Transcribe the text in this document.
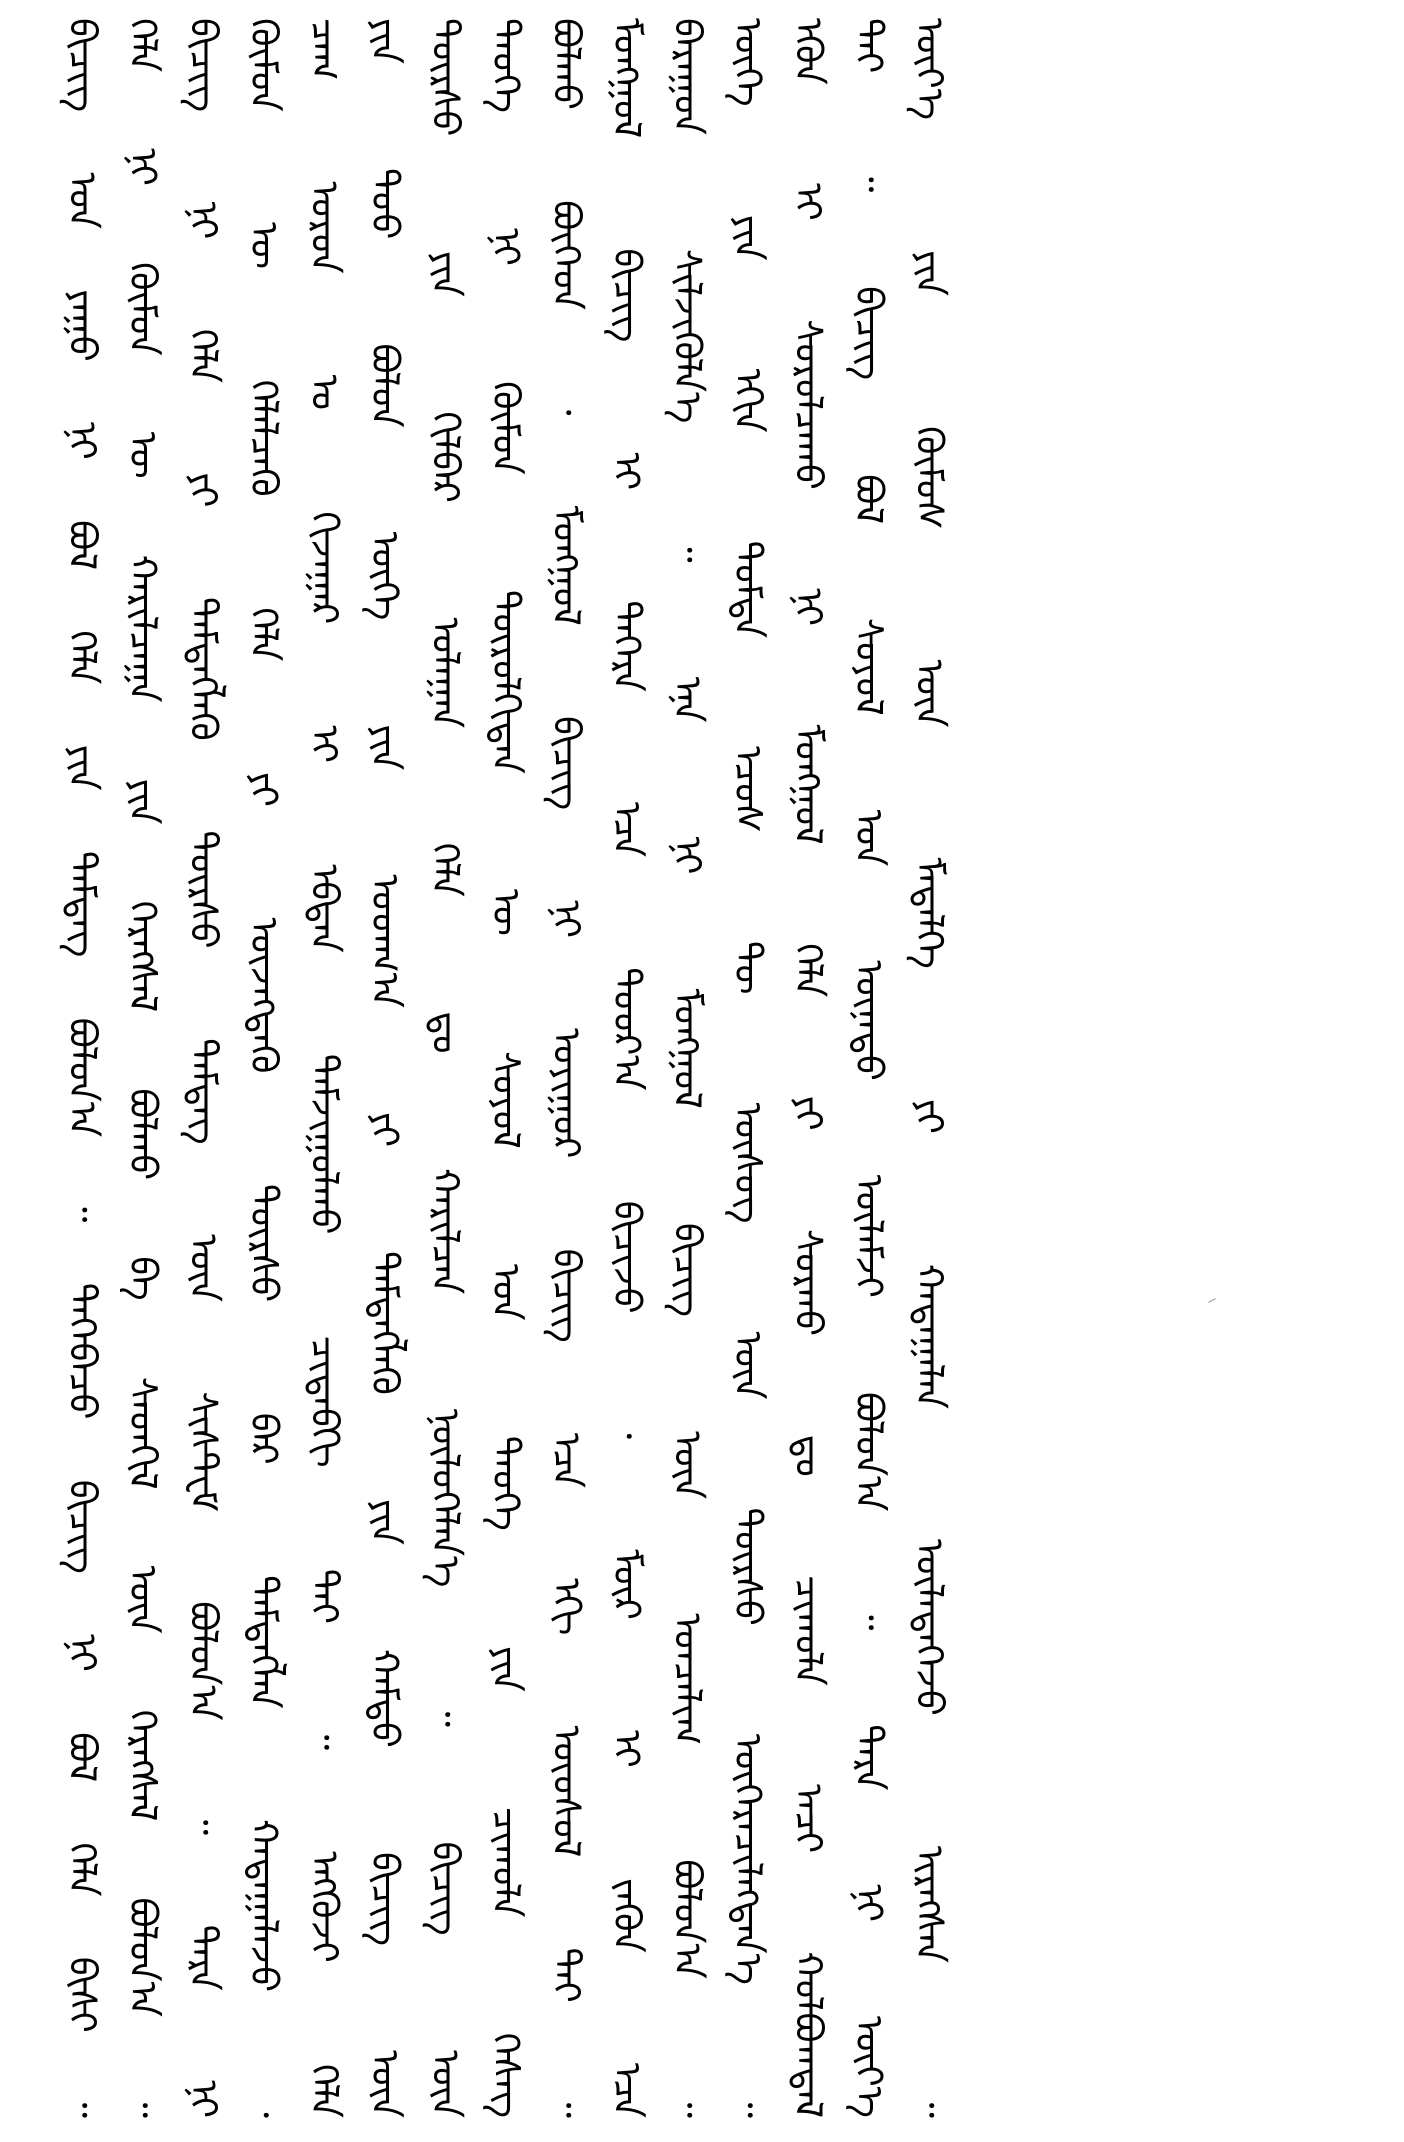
ᠪᠢᠴᠢᠭ᠌ ᠤᠨ ᠶᠠᠭᠤ ᠨᠢ ᠪᠣᠯ ᠬᠡᠯᠡ ᠶᠢᠨ ᠲᠡᠮᠳᠡᠭ᠌ ᠪᠣᠯᠤᠨ᠎ᠠ ᠃ ᠲᠡᠭᠡᠪᠡᠴᠦ ᠪᠢᠴᠢᠭ᠌ ᠨᠢ ᠪᠣᠯ ᠬᠡᠯᠡ ᠪᠢᠰᠢ ᠃ ᠬᠡᠯᠡ ᠨᠢ ᠬᠦᠮᠦᠨ ᠦ ᠬᠠᠷᠢᠯᠴᠠᠭᠠ ᠶᠢᠨ ᠬᠡᠷᠡᠭᠰᠡᠯ ᠪᠣᠯᠬᠤ ᠪᠠ ᠰᠡᠳᠬᠢᠯ ᠦᠨ ᠬᠡᠷᠡᠭᠰᠡᠯ ᠪᠣᠯᠤᠨ᠎ᠠ ᠃ ᠪᠢᠴᠢᠭ᠌ ᠨᠢ ᠬᠡᠯᠡ ᠶᠢ ᠲᠡᠮᠳᠡᠭᠯᠡᠬᠦ ᠳᠦᠷᠰᠦ ᠲᠡᠮᠳᠡᠭ᠌ ᠦᠨ ᠰᠢᠰᠲ᠋ᠧᠮ ᠪᠣᠯᠤᠨ᠎ᠠ ᠃ ᠲᠡᠷᠡ ᠨᠢ ᠬᠦᠮᠦᠨ ᠦ ᠬᠡᠯᠡᠯᠴᠡᠬᠦ ᠬᠡᠯᠡ ᠶᠢ ᠦᠵᠡᠭᠳᠡᠬᠦ ᠳᠦᠷᠰᠦ ᠪᠠᠷ ᠲᠡᠮᠳᠡᠭᠯᠡᠨ ᠬᠠᠳᠠᠭᠠᠯᠠᠵᠤ ᠂ ᠴᠠᠭ ᠣᠷᠣᠨ ᠤ ᠬᠢᠵᠠᠭᠠᠷ ᠢ ᠡᠪᠳᠡᠨ ᠳᠠᠮᠵᠢᠭᠤᠯᠬᠤ ᠴᠢᠳᠠᠪᠬᠢ ᠲᠠᠢ ᠃ ᠡᠩᠭᠦᠵᠢ ᠬᠡᠯᠡ ᠶᠢᠨ ᠳᠤᠤ ᠪᠤᠯᠤᠨ ᠦᠭᠡ ᠶᠢᠨ ᠤᠳᠬ᠎ᠠ ᠶᠢ ᠲᠡᠮᠳᠡᠭᠯᠡᠬᠦ ᠶᠢᠨ ᠬᠠᠮᠲᠤ ᠪᠢᠴᠢᠭ᠌ ᠦᠨ ᠳᠦᠷᠰᠦ ᠶᠢᠨ ᠬᠢᠯᠪᠠᠷ ᠤᠯᠠᠭᠠᠨ ᠬᠡᠯᠡ ᠳᠤ ᠬᠠᠷᠢᠯᠴᠠᠨ ᠨᠦᠯᠦᠭᠡᠯᠡᠨ᠎ᠡ ᠃ ᠪᠢᠴᠢᠭ᠌ ᠦᠨ ᠲᠡᠦᠬᠡ ᠨᠢ ᠬᠦᠮᠦᠨ ᠲᠦᠷᠦᠯᠬᠢᠲᠡᠨ ᠦ ᠰᠣᠶᠣᠯ ᠤᠨ ᠲᠡᠦᠬᠡ ᠶᠢᠨ ᠴᠢᠬᠤᠯᠠ ᠬᠡᠰᠡᠭ ᠪᠣᠯᠬᠤ ᠪᠥᠭᠡᠳ ᠂ ᠮᠣᠩᠭᠣᠯ ᠪᠢᠴᠢᠭ᠌ ᠨᠢ ᠤᠶᠢᠭᠤᠷ ᠪᠢᠴᠢᠭ᠌ ᠡᠴᠡ ᠡᠬᠢ ᠦᠦᠰᠦᠯ ᠲᠡᠢ ᠃ ᠮᠣᠩᠭᠣᠯ ᠪᠢᠴᠢᠭ᠌ ᠢ ᠳᠡᠭᠡᠷᠡ ᠡᠴᠡ ᠳᠣᠣᠷ᠎ᠠ ᠪᠢᠴᠢᠵᠦ ᠂ ᠮᠦᠷ ᠢ ᠵᠡᠭᠦᠨ ᠡᠴᠡ ᠪᠠᠷᠠᠭᠤᠨ ᠰᠢᠯᠵᠢᠭᠦᠯᠨ᠎ᠡ ᠃ ᠡᠨᠡ ᠨᠢ ᠮᠣᠩᠭᠣᠯ ᠪᠢᠴᠢᠭ᠌ ᠦᠨ ᠣᠨᠴᠠᠯᠢᠭ ᠪᠣᠯᠤᠨ᠎ᠠ ᠃ ᠦᠭᠡ ᠶᠢᠨ ᠡᠬᠢᠨ ᠳᠤᠮᠳᠠ ᠡᠴᠦᠰ ᠲᠦ ᠦᠰᠦᠭ ᠦᠨ ᠳᠦᠷᠰᠦ ᠥᠭᠡᠷᠡᠴᠢᠯᠡᠭᠳᠡᠨ᠎ᠡ ᠃ ᠡᠭᠦᠨ ᠢ ᠰᠤᠷᠤᠯᠴᠠᠬᠤ ᠨᠢ ᠮᠣᠩᠭᠣᠯ ᠬᠡᠯᠡ ᠶᠢ ᠰᠤᠷᠬᠤ ᠳᠤ ᠴᠢᠬᠤᠯᠠ ᠠᠴᠢ ᠬᠣᠯᠪᠣᠭᠳᠠᠯ ᠲᠠᠢ ᠃ ᠪᠢᠴᠢᠭ᠌ ᠪᠣᠯ ᠰᠣᠶᠣᠯ ᠤᠨ ᠦᠨᠡᠲᠦ ᠦᠯᠡᠮᠵᠢ ᠪᠣᠯᠤᠨ᠎ᠠ ᠃ ᠲᠡᠷᠡ ᠨᠢ ᠦᠶ᠎ᠡ ᠦᠶ᠎ᠡ ᠶᠢᠨ ᠬᠦᠮᠦᠰ ᠦᠨ ᠮᠡᠳᠡᠯᠭᠡ ᠶᠢ ᠬᠠᠳᠠᠭᠠᠯᠠᠨ ᠦᠯᠡᠳᠡᠭᠡᠵᠦ ᠢᠷᠡᠭᠰᠡᠨ ᠃
